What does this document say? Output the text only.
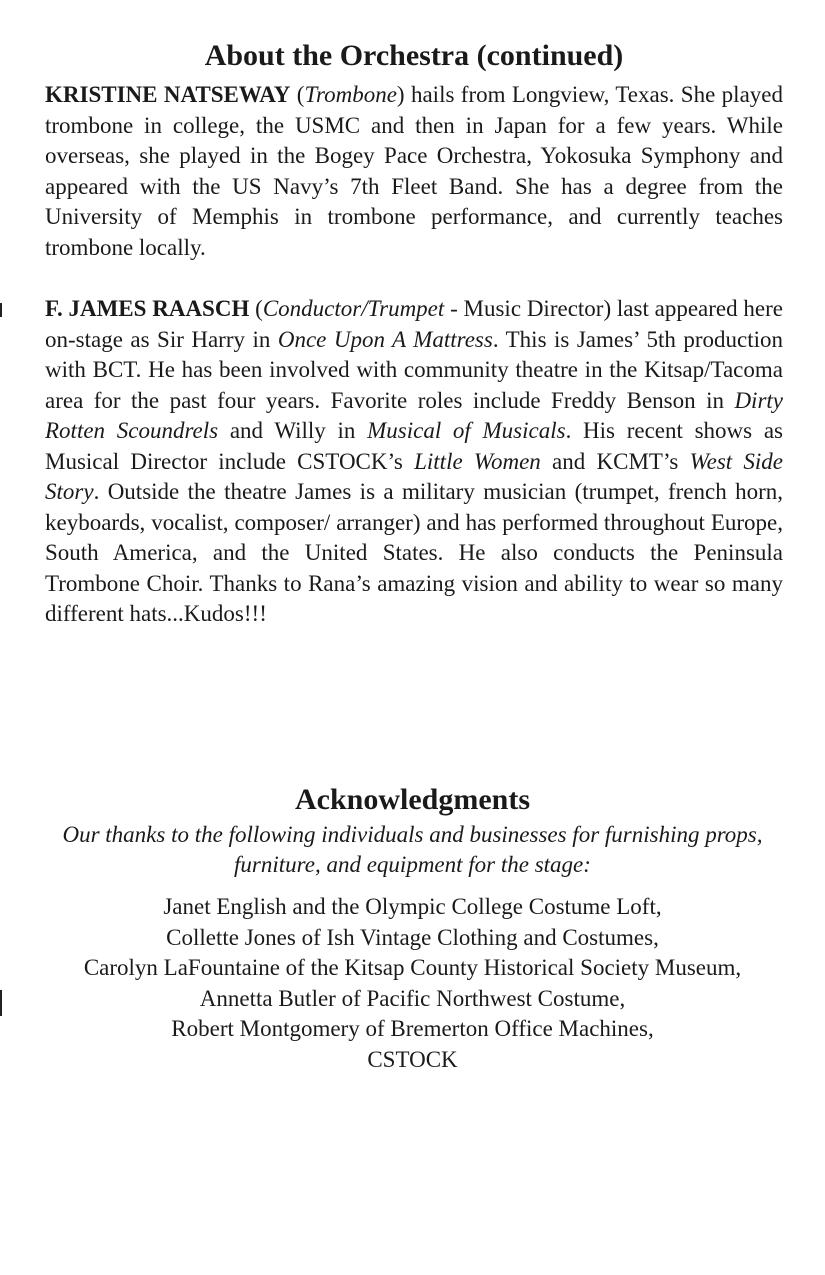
About the Orchestra (continued)

KRISTINE NATSEWAY (Trombone) hails from Longview, Texas. She played trombone in college, the USMC and then in Japan for a few years. While overseas, she played in the Bogey Pace Orchestra, Yokosuka Symphony and appeared with the US Navy’s 7th Fleet Band. She has a degree from the University of Memphis in trombone performance, and currently teaches trombone locally.

F. JAMES RAASCH (Conductor/Trumpet - Music Director) last appeared here on-stage as Sir Harry in Once Upon A Mattress. This is James’ 5th production with BCT. He has been involved with community theatre in the Kitsap/Tacoma area for the past four years. Favorite roles include Freddy Benson in Dirty Rotten Scoundrels and Willy in Musical of Musicals. His recent shows as Musical Director include CSTOCK’s Little Women and KCMT’s West Side Story. Outside the theatre James is a military musician (trumpet, french horn, keyboards, vocalist, composer/ arranger) and has performed throughout Europe, South America, and the United States. He also conducts the Peninsula Trombone Choir. Thanks to Rana’s amazing vision and ability to wear so many different hats...Kudos!!!

Acknowledgments

Our thanks to the following individuals and businesses for furnishing props, furniture, and equipment for the stage:

Janet English and the Olympic College Costume Loft,
Collette Jones of Ish Vintage Clothing and Costumes,
Carolyn LaFountaine of the Kitsap County Historical Society Museum,
Annetta Butler of Pacific Northwest Costume,
Robert Montgomery of Bremerton Office Machines,
CSTOCK
